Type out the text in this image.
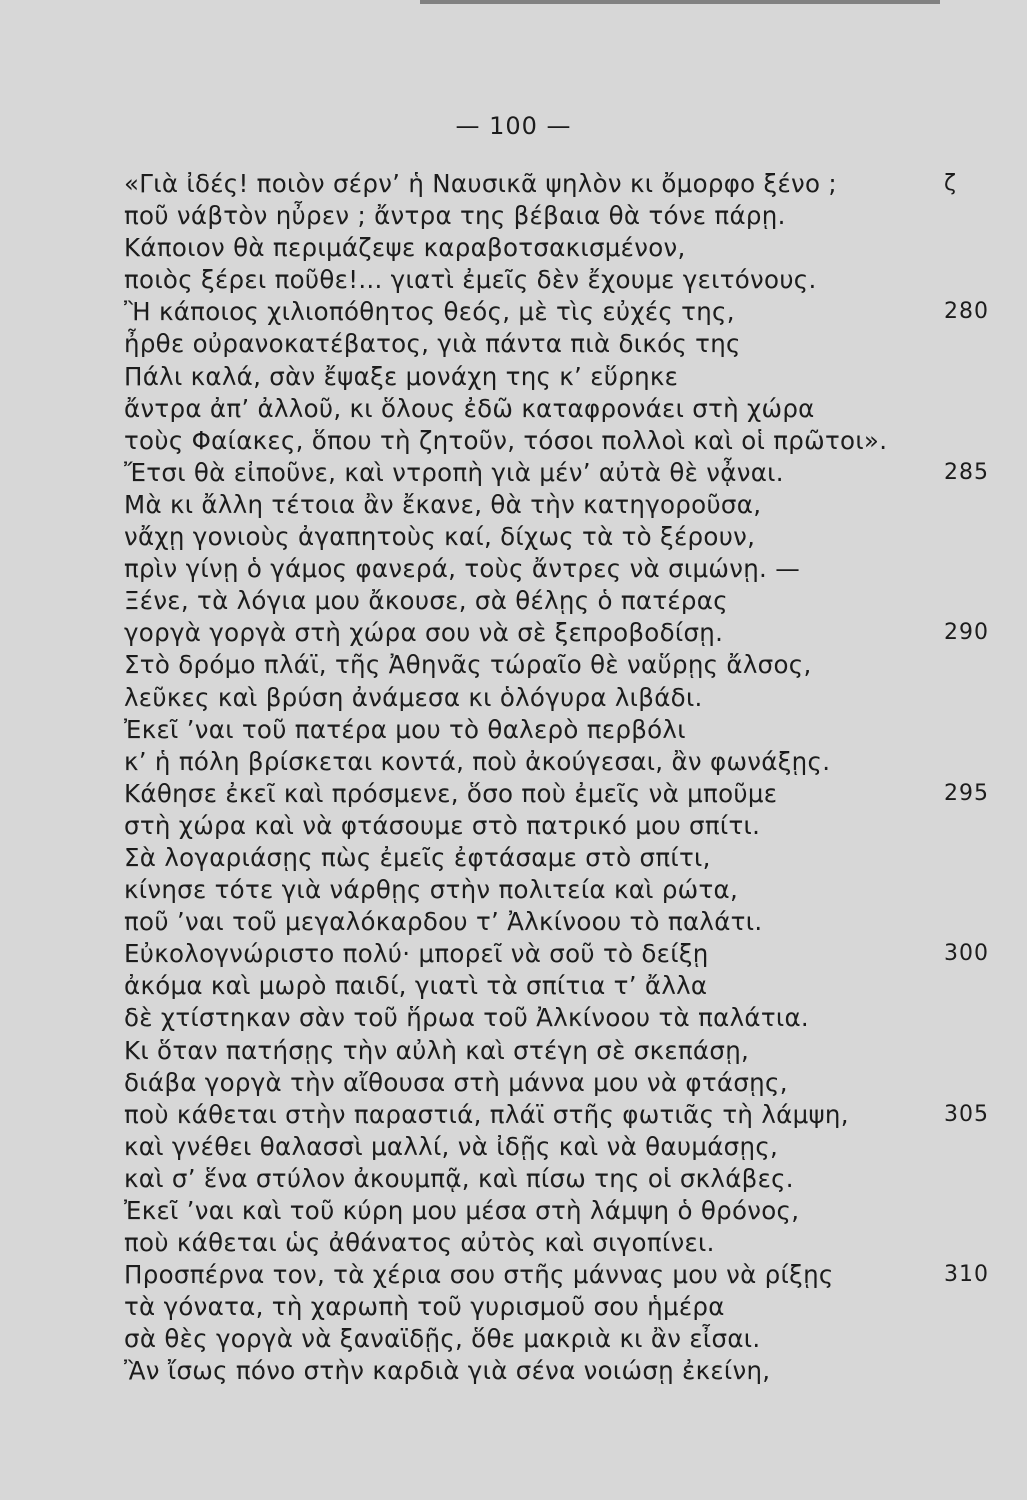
— 100 —
«Γιὰ ἰδές! ποιὸν σέρν’ ἡ Ναυσικᾶ ψηλὸν κι ὄμορφο ξένο ;	ζ
ποῦ νάβτὸν ηὖρεν ; ἄντρα της βέβαια θὰ τόνε πάρῃ.
Κάποιον θὰ περιμάζεψε καραβοτσακισμένον,
ποιὸς ξέρει ποῦθε!... γιατὶ ἐμεῖς δὲν ἔχουμε γειτόνους.
Ἢ κάποιος χιλιοπόθητος θεός, μὲ τὶς εὐχές της,	280
ἦρθε οὐρανοκατέβατος, γιὰ πάντα πιὰ δικός της
Πάλι καλά, σὰν ἔψαξε μονάχη της κ’ εὕρηκε
ἄντρα ἀπ’ ἀλλοῦ, κι ὅλους ἐδῶ καταφρονάει στὴ χώρα
τοὺς Φαίακες, ὅπου τὴ ζητοῦν, τόσοι πολλοὶ καὶ οἱ πρῶτοι».
Ἔτσι θὰ εἰποῦνε, καὶ ντροπὴ γιὰ μέν’ αὐτὰ θὲ νᾆναι.	285
Μὰ κι ἄλλη τέτοια ἂν ἔκανε, θὰ τὴν κατηγοροῦσα,
νἄχῃ γονιοὺς ἀγαπητοὺς καί, δίχως τὰ τὸ ξέρουν,
πρὶν γίνῃ ὁ γάμος φανερά, τοὺς ἄντρες νὰ σιμώνῃ. —
Ξένε, τὰ λόγια μου ἄκουσε, σὰ θέλῃς ὁ πατέρας
γοργὰ γοργὰ στὴ χώρα σου νὰ σὲ ξεπροβοδίσῃ.	290
Στὸ δρόμο πλάϊ, τῆς Ἀθηνᾶς τώραῖο θὲ ναὕρῃς ἄλσος,
λεῦκες καὶ βρύση ἀνάμεσα κι ὁλόγυρα λιβάδι.
Ἐκεῖ ’ναι τοῦ πατέρα μου τὸ θαλερὸ περβόλι
κ’ ἡ πόλη βρίσκεται κοντά, ποὺ ἀκούγεσαι, ἂν φωνάξῃς.
Κάθησε ἐκεῖ καὶ πρόσμενε, ὅσο ποὺ ἐμεῖς νὰ μποῦμε	295
στὴ χώρα καὶ νὰ φτάσουμε στὸ πατρικό μου σπίτι.
Σὰ λογαριάσῃς πὼς ἐμεῖς ἐφτάσαμε στὸ σπίτι,
κίνησε τότε γιὰ νάρθῃς στὴν πολιτεία καὶ ρώτα,
ποῦ ’ναι τοῦ μεγαλόκαρδου τ’ Ἀλκίνοου τὸ παλάτι.
Εὐκολογνώριστο πολύ· μπορεῖ νὰ σοῦ τὸ δείξῃ	300
ἀκόμα καὶ μωρὸ παιδί, γιατὶ τὰ σπίτια τ’ ἄλλα
δὲ χτίστηκαν σὰν τοῦ ἥρωα τοῦ Ἀλκίνοου τὰ παλάτια.
Κι ὅταν πατήσῃς τὴν αὐλὴ καὶ στέγη σὲ σκεπάσῃ,
διάβα γοργὰ τὴν αἴθουσα στὴ μάννα μου νὰ φτάσῃς,
ποὺ κάθεται στὴν παραστιά, πλάϊ στῆς φωτιᾶς τὴ λάμψη,	305
καὶ γνέθει θαλασσὶ μαλλί, νὰ ἰδῇς καὶ νὰ θαυμάσῃς,
καὶ σ’ ἕνα στύλον ἀκουμπᾷ, καὶ πίσω της οἱ σκλάβες.
Ἐκεῖ ’ναι καὶ τοῦ κύρη μου μέσα στὴ λάμψη ὁ θρόνος,
ποὺ κάθεται ὡς ἀθάνατος αὐτὸς καὶ σιγοπίνει.
Προσπέρνα τον, τὰ χέρια σου στῆς μάννας μου νὰ ρίξῃς	310
τὰ γόνατα, τὴ χαρωπὴ τοῦ γυρισμοῦ σου ἡμέρα
σὰ θὲς γοργὰ νὰ ξαναϊδῇς, ὅθε μακριὰ κι ἂν εἶσαι.
Ἂν ἴσως πόνο στὴν καρδιὰ γιὰ σένα νοιώσῃ ἐκείνη,
